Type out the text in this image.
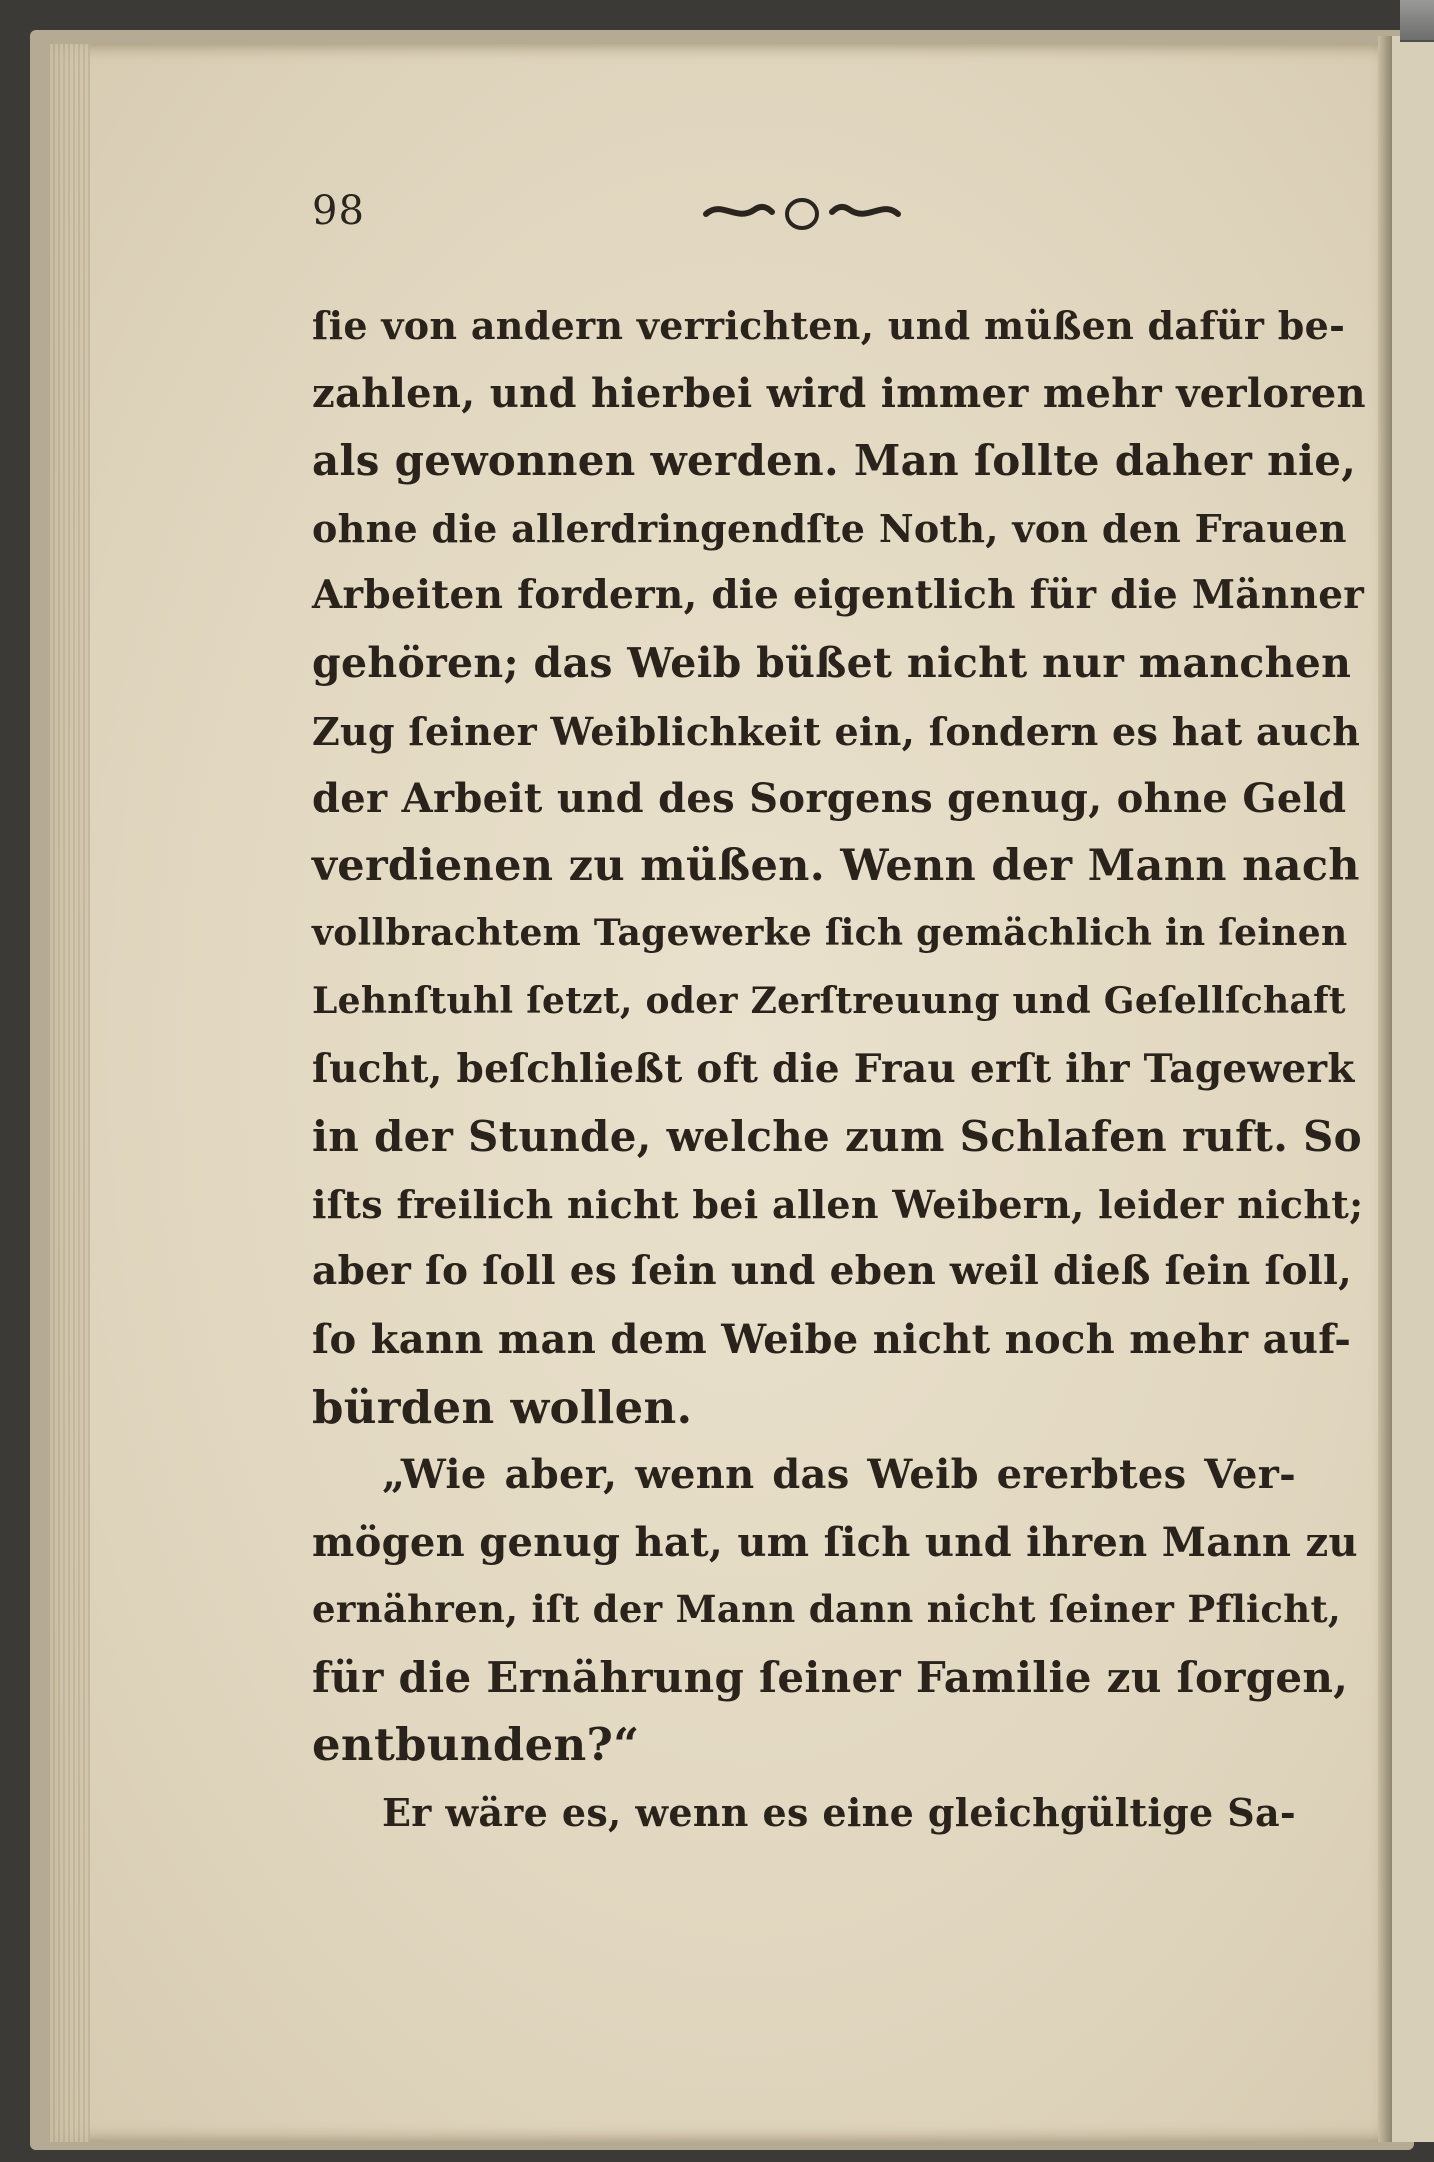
98
ſie von andern verrichten, und müßen dafür be-
zahlen, und hierbei wird immer mehr verloren
als gewonnen werden. Man ſollte daher nie,
ohne die allerdringendſte Noth, von den Frauen
Arbeiten fordern, die eigentlich für die Männer
gehören; das Weib büßet nicht nur manchen
Zug ſeiner Weiblichkeit ein, ſondern es hat auch
der Arbeit und des Sorgens genug, ohne Geld
verdienen zu müßen. Wenn der Mann nach
vollbrachtem Tagewerke ſich gemächlich in ſeinen
Lehnſtuhl ſetzt, oder Zerſtreuung und Geſellſchaft
ſucht, beſchließt oft die Frau erſt ihr Tagewerk
in der Stunde, welche zum Schlafen ruft. So
iſts freilich nicht bei allen Weibern, leider nicht;
aber ſo ſoll es ſein und eben weil dieß ſein ſoll,
ſo kann man dem Weibe nicht noch mehr auf-
bürden wollen.
„Wie aber, wenn das Weib ererbtes Ver-
mögen genug hat, um ſich und ihren Mann zu
ernähren, iſt der Mann dann nicht ſeiner Pflicht,
für die Ernährung ſeiner Familie zu ſorgen,
entbunden?“
Er wäre es, wenn es eine gleichgültige Sa-
